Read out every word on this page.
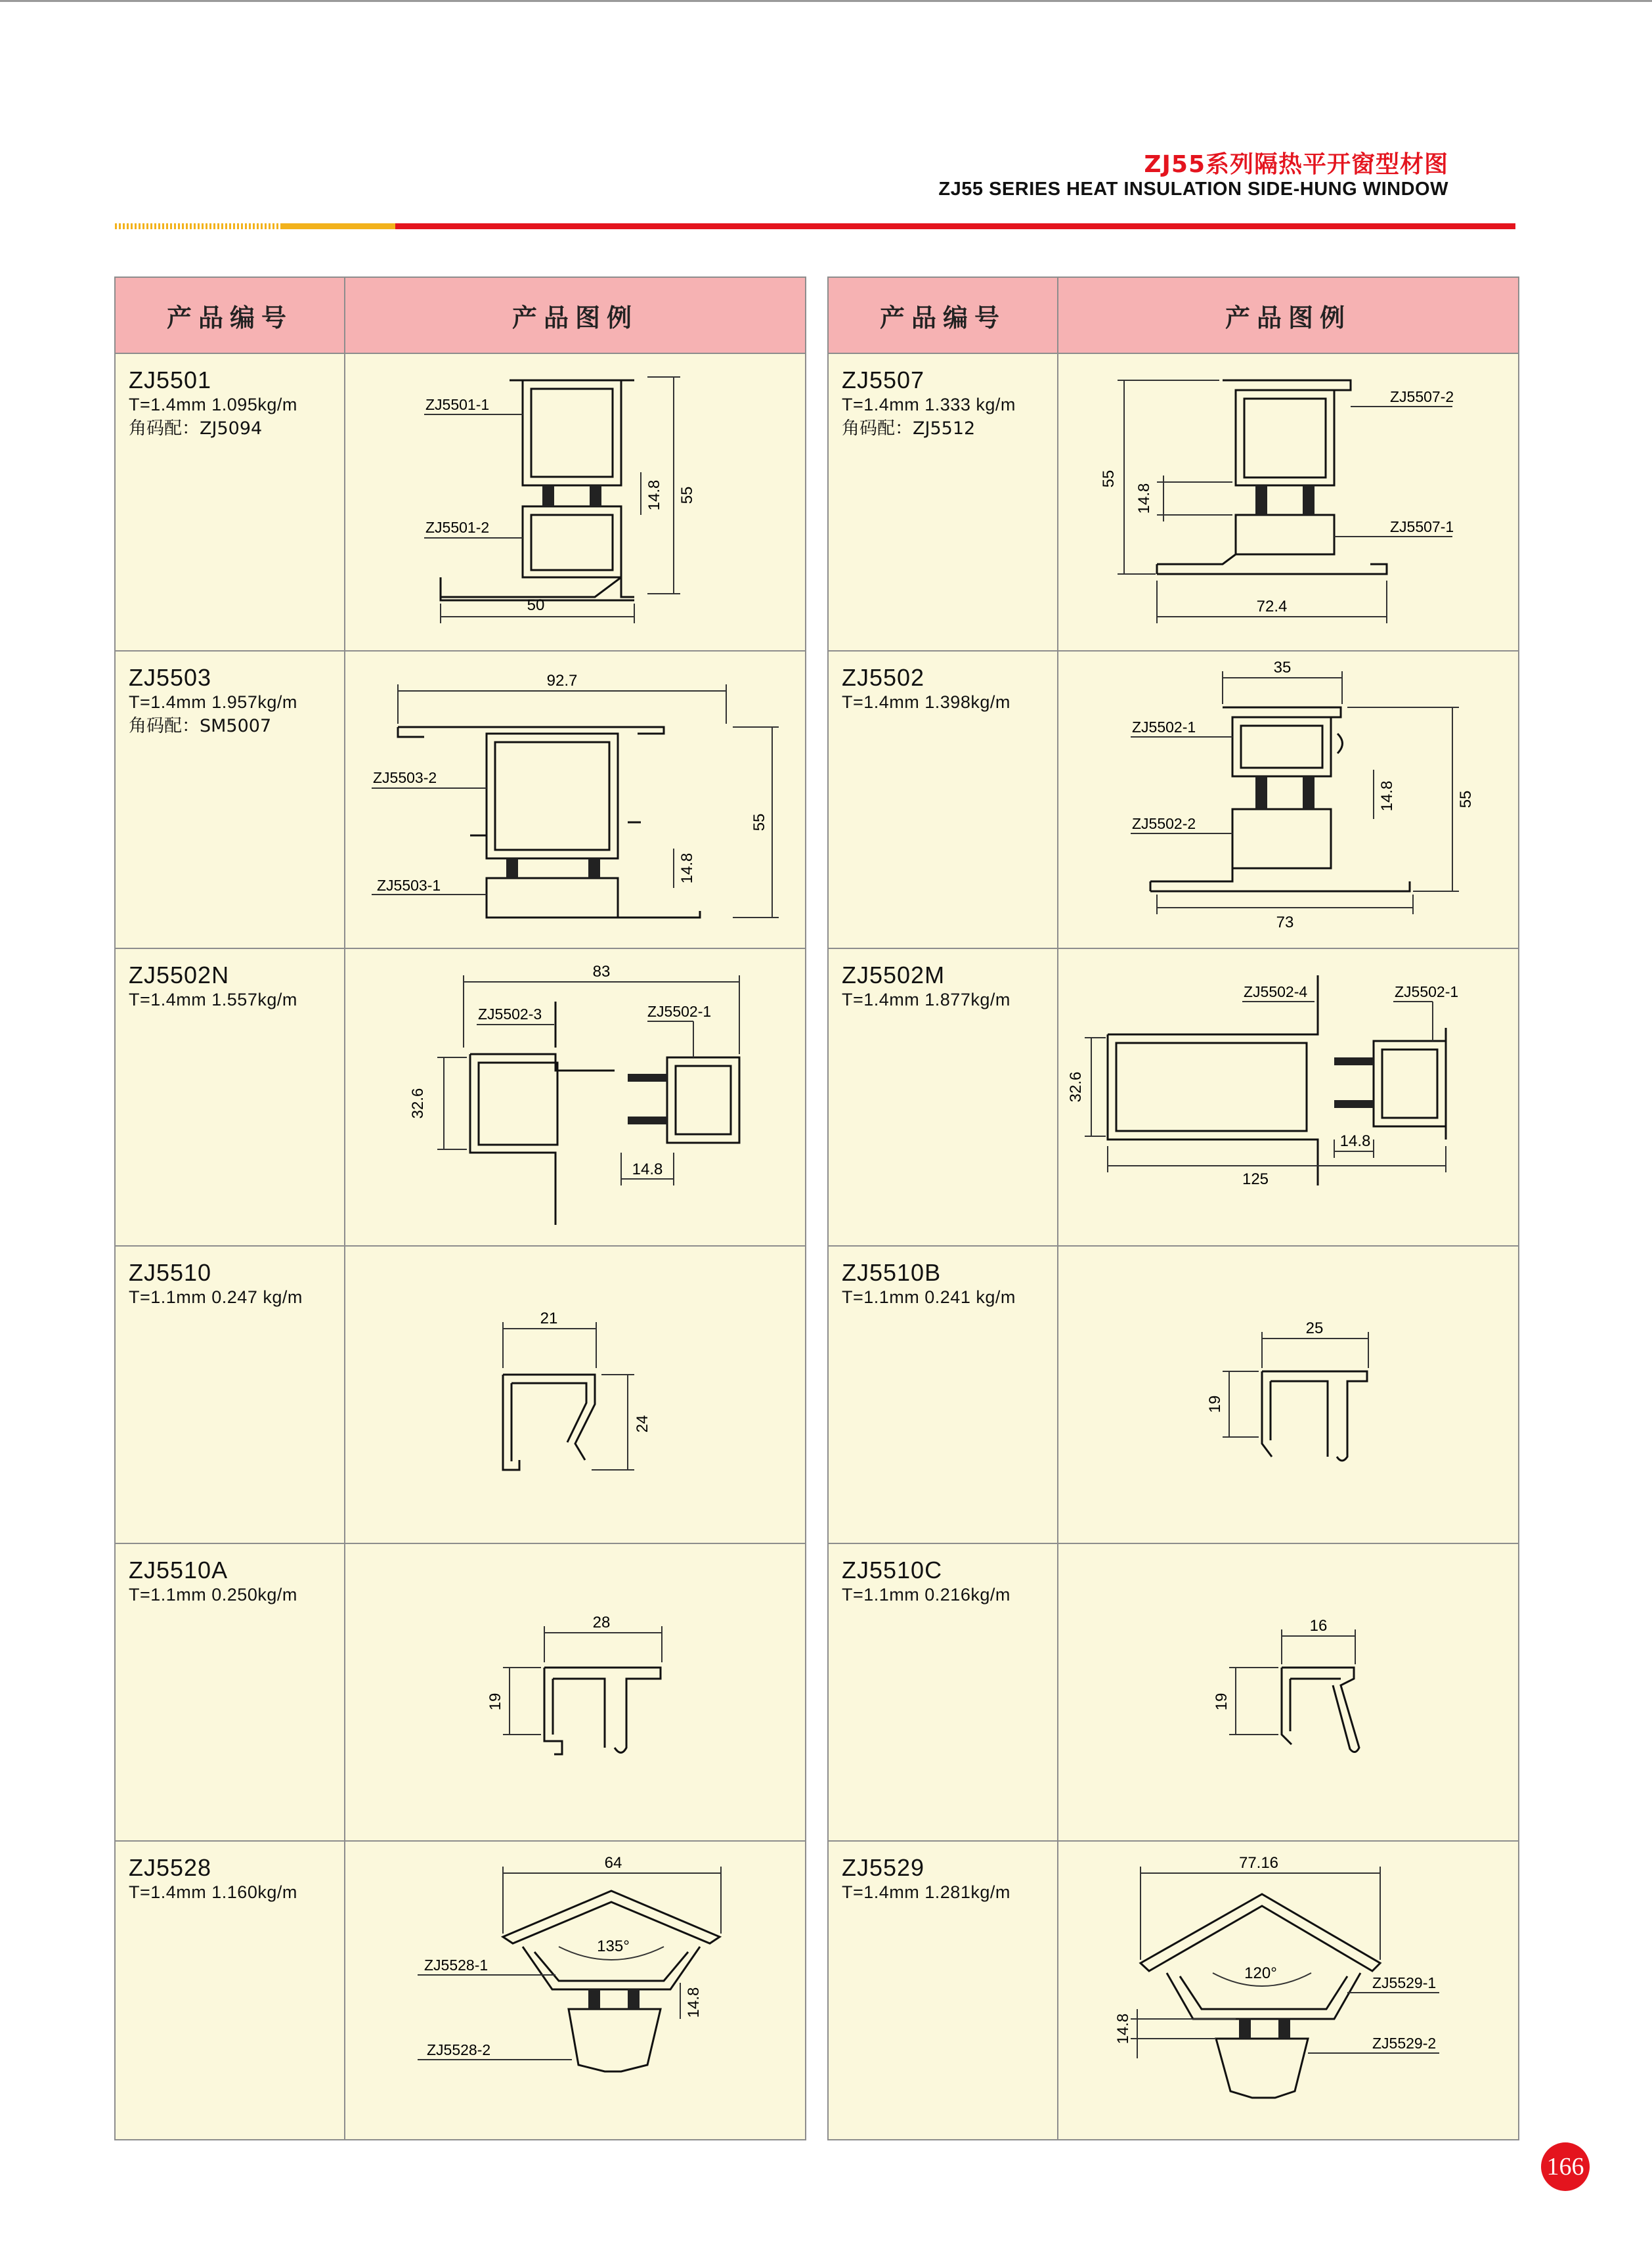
ZJ55系列隔热平开窗型材图
ZJ55 SERIES HEAT INSULATION SIDE-HUNG WINDOW
产品编号	产品图例
ZJ5501
T=1.4mm 1.095kg/m
角码配：ZJ5094
50
55
14.8
ZJ5501-1
ZJ5501-2
ZJ5503
T=1.4mm 1.957kg/m
角码配：SM5007
92.7
55
14.8
ZJ5503-2
ZJ5503-1
ZJ5502N
T=1.4mm 1.557kg/m
83
32.6
14.8
ZJ5502-3	ZJ5502-1
ZJ5510
T=1.1mm 0.247 kg/m
21
24
ZJ5510A
T=1.1mm 0.250kg/m
28
19
ZJ5528
T=1.4mm 1.160kg/m
64
135°
14.8
ZJ5528-1
ZJ5528-2
产品编号	产品图例
ZJ5507
T=1.4mm 1.333 kg/m
角码配：ZJ5512
72.4
55
14.8
ZJ5507-2
ZJ5507-1
ZJ5502
T=1.4mm 1.398kg/m
35
73
55
14.8
ZJ5502-1
ZJ5502-2
ZJ5502M
T=1.4mm 1.877kg/m
125
32.6
14.8
ZJ5502-4	ZJ5502-1
ZJ5510B
T=1.1mm 0.241 kg/m
25
19
ZJ5510C
T=1.1mm 0.216kg/m
16
19
ZJ5529
T=1.4mm 1.281kg/m
77.16
120°
14.8
ZJ5529-1
ZJ5529-2
166
